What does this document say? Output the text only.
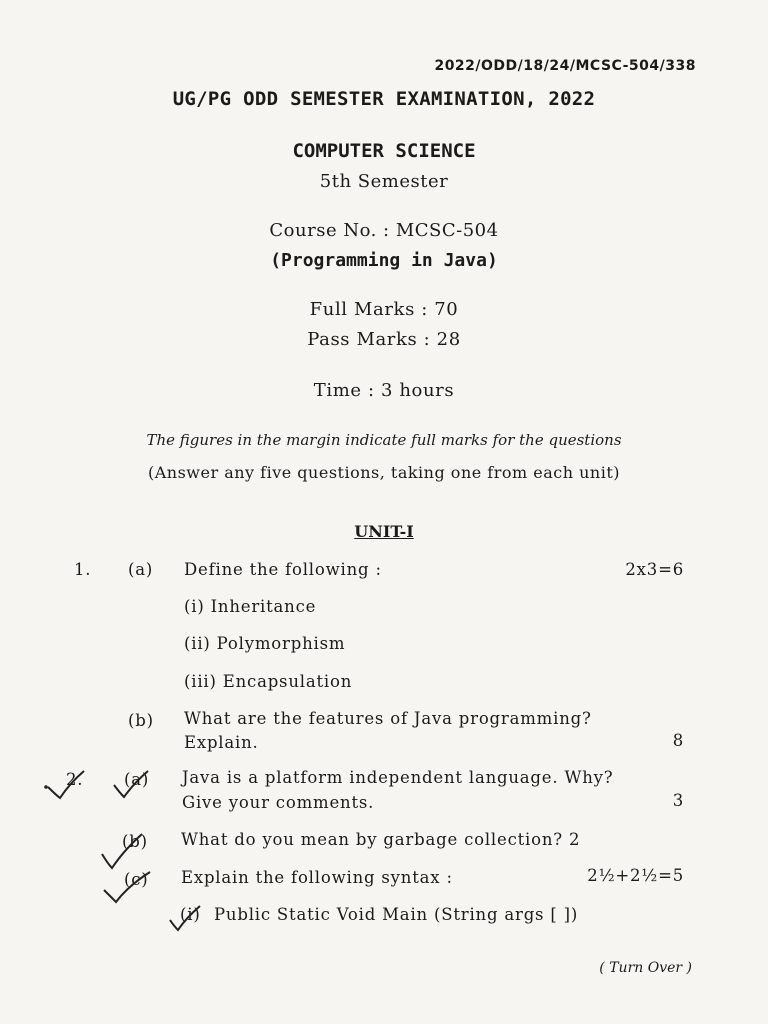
2022/ODD/18/24/MCSC-504/338
UG/PG ODD SEMESTER EXAMINATION, 2022
COMPUTER SCIENCE
5th Semester
Course No. : MCSC-504
(Programming in Java)
Full Marks : 70
Pass Marks : 28
Time : 3 hours
The figures in the margin indicate full marks for the questions
(Answer any five questions, taking one from each unit)
UNIT-I
1. (a) Define the following :	2x3=6
(i) Inheritance
(ii) Polymorphism
(iii) Encapsulation
(b) What are the features of Java programming?
Explain.	8
2. (a) Java is a platform independent language. Why?
Give your comments.	3
(b) What do you mean by garbage collection? 2
(c) Explain the following syntax :	2½+2½=5
(i) Public Static Void Main (String args [ ])
( Turn Over )
